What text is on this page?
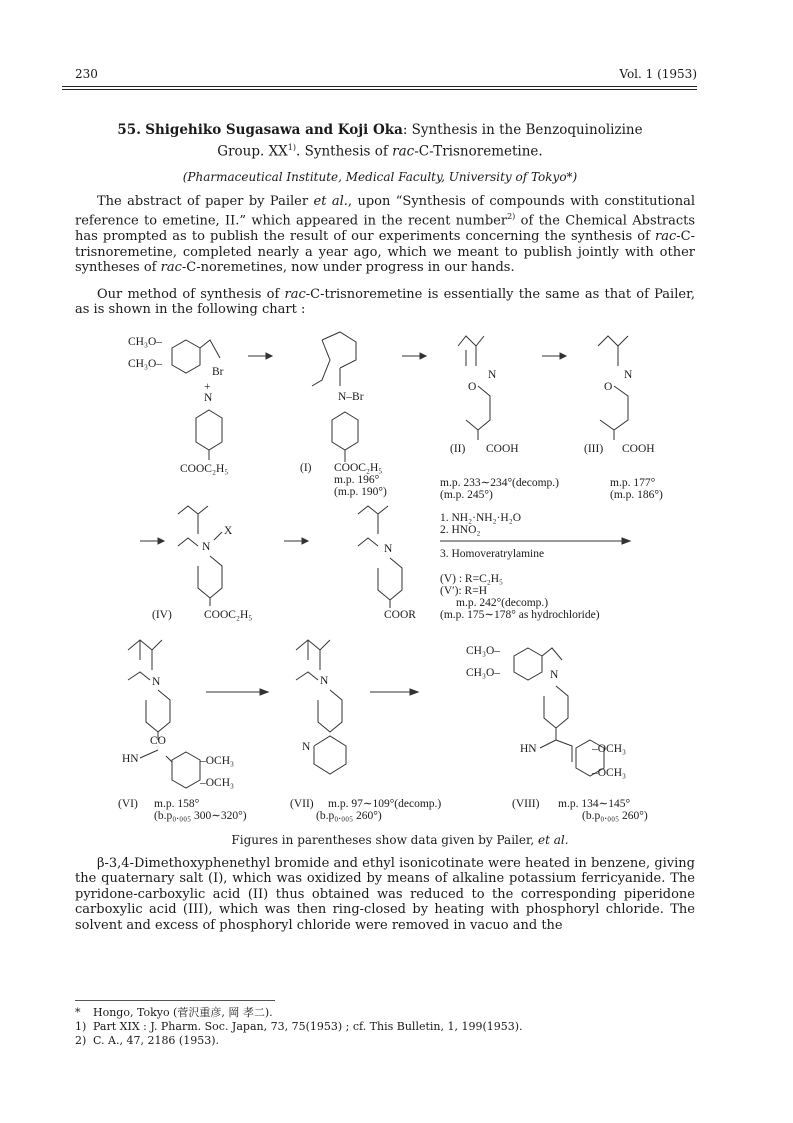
230	Vol. 1 (1953)
55. Shigehiko Sugasawa and Koji Oka: Synthesis in the Benzoquinolizine
Group. XX$^{1)}$. Synthesis of rac-C-Trisnoremetine.
(Pharmaceutical Institute, Medical Faculty, University of Tokyo*)
The abstract of paper by Pailer et al., upon “Synthesis of compounds with constitutional reference to emetine, II.” which appeared in the recent number$^{2)}$ of the Chemical Abstracts has prompted as to publish the result of our experiments concerning the synthesis of rac-C-trisnoremetine, completed nearly a year ago, which we meant to publish jointly with other syntheses of rac-C-noremetines, now under progress in our hands.
Our method of synthesis of rac-C-trisnoremetine is essentially the same as that of Pailer, as is shown in the following chart :
CH₃O–
CH₃O–
Br
+
N
COOC₂H₅
N–Br
(I) COOC₂H₅
m.p. 196°
(m.p. 190°)
N
O
(II) COOH
m.p. 233∼234°(decomp.)
(m.p. 245°)
N
O
(III) COOH
m.p. 177°
(m.p. 186°)
N
X
(IV)	COOC₂H₅
N
COOR
1. NH₂·NH₂·H₂O
2. HNO₂
3. Homoveratrylamine
(V) : R=C₂H₅
(V′): R=H
m.p. 242°(decomp.)
(m.p. 175∼178° as hydrochloride)
N
CO
HN	–OCH₃
–OCH₃
(VI) m.p. 158°
(b.p₀.₀₀₅ 300∼320°)
N
N
(VII) m.p. 97∼109°(decomp.)
(b.p₀.₀₀₅ 260°)
CH₃O–
CH₃O–	N
HN	–OCH₃
–OCH₃
(VIII) m.p. 134∼145°
(b.p₀.₀₀₅ 260°)
Figures in parentheses show data given by Pailer, et al.
β-3,4-Dimethoxyphenethyl bromide and ethyl isonicotinate were heated in benzene, giving the quaternary salt (I), which was oxidized by means of alkaline potassium ferricyanide. The pyridone-carboxylic acid (II) thus obtained was reduced to the corresponding piperidone carboxylic acid (III), which was then ring-closed by heating with phosphoryl chloride. The solvent and excess of phosphoryl chloride were removed in vacuo and the
* Hongo, Tokyo (菅沢重彦, 岡 孝二).
1) Part XIX : J. Pharm. Soc. Japan, 73, 75(1953) ; cf. This Bulletin, 1, 199(1953).
2) C. A., 47, 2186 (1953).
